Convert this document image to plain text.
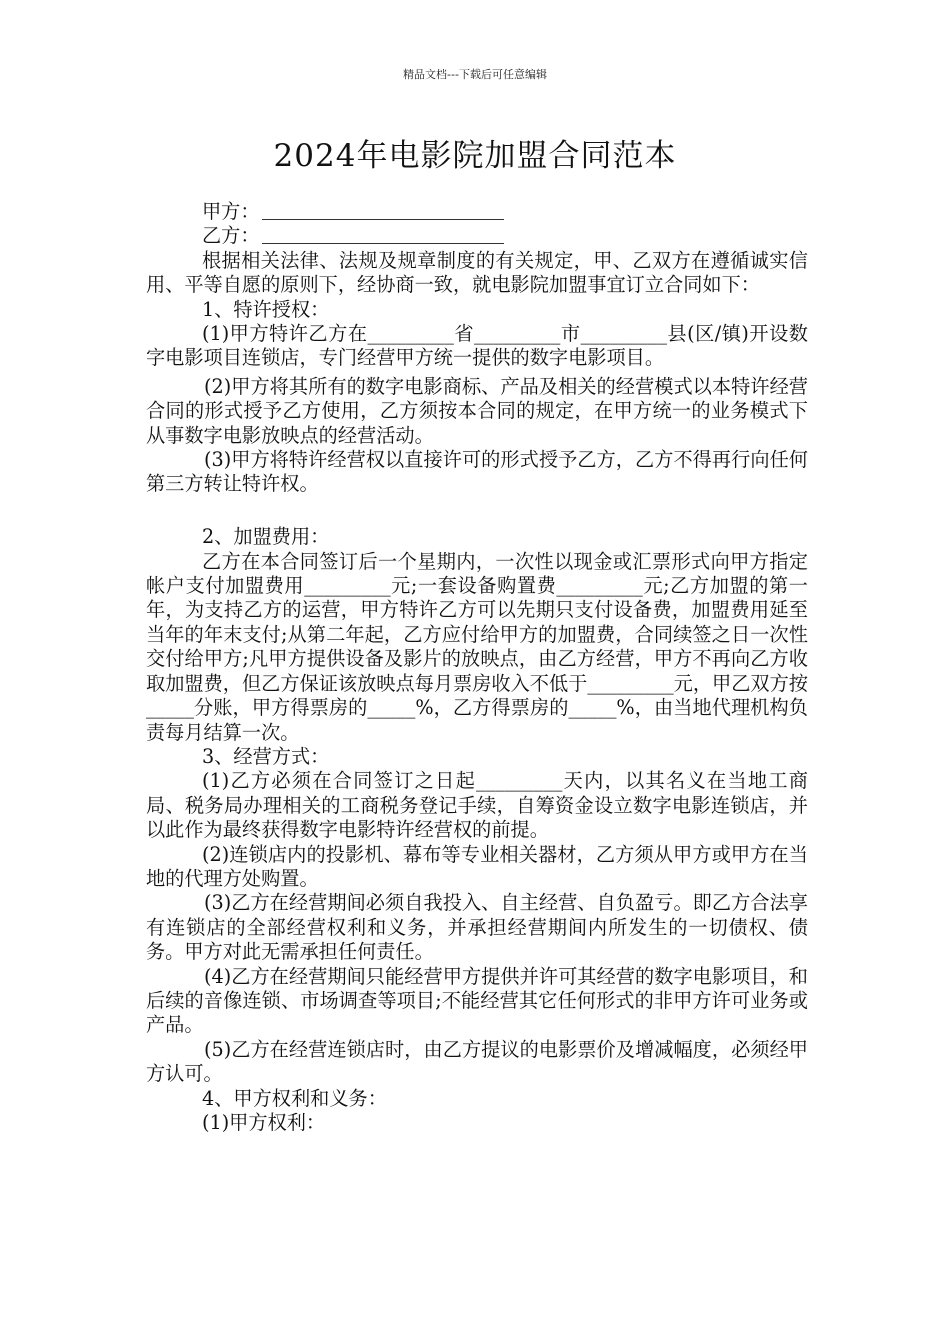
精品文档---下载后可任意编辑
2024年电影院加盟合同范本
甲方：
乙方：

根据相关法律、法规及规章制度的有关规定，甲、乙双方在遵循诚实信用、平等自愿的原则下，经协商一致，就电影院加盟事宜订立合同如下：

1、特许授权：

(1)甲方特许乙方在_________省_________市_________县(区/镇)开设数字电影项目连锁店，专门经营甲方统一提供的数字电影项目。

(2)甲方将其所有的数字电影商标、产品及相关的经营模式以本特许经营合同的形式授予乙方使用，乙方须按本合同的规定，在甲方统一的业务模式下从事数字电影放映点的经营活动。

(3)甲方将特许经营权以直接许可的形式授予乙方，乙方不得再行向任何第三方转让特许权。

2、加盟费用：

乙方在本合同签订后一个星期内，一次性以现金或汇票形式向甲方指定帐户支付加盟费用_________元;一套设备购置费_________元;乙方加盟的第一年，为支持乙方的运营，甲方特许乙方可以先期只支付设备费，加盟费用延至当年的年末支付;从第二年起，乙方应付给甲方的加盟费，合同续签之日一次性交付给甲方;凡甲方提供设备及影片的放映点，由乙方经营，甲方不再向乙方收取加盟费，但乙方保证该放映点每月票房收入不低于_________元，甲乙双方按_____分账，甲方得票房的_____%，乙方得票房的_____%，由当地代理机构负责每月结算一次。

3、经营方式：

(1)乙方必须在合同签订之日起_________天内，以其名义在当地工商局、税务局办理相关的工商税务登记手续，自筹资金设立数字电影连锁店，并以此作为最终获得数字电影特许经营权的前提。

(2)连锁店内的投影机、幕布等专业相关器材，乙方须从甲方或甲方在当地的代理方处购置。

(3)乙方在经营期间必须自我投入、自主经营、自负盈亏。即乙方合法享有连锁店的全部经营权利和义务，并承担经营期间内所发生的一切债权、债务。甲方对此无需承担任何责任。

(4)乙方在经营期间只能经营甲方提供并许可其经营的数字电影项目，和后续的音像连锁、市场调查等项目;不能经营其它任何形式的非甲方许可业务或产品。

(5)乙方在经营连锁店时，由乙方提议的电影票价及增减幅度，必须经甲方认可。

4、甲方权利和义务：

(1)甲方权利：
